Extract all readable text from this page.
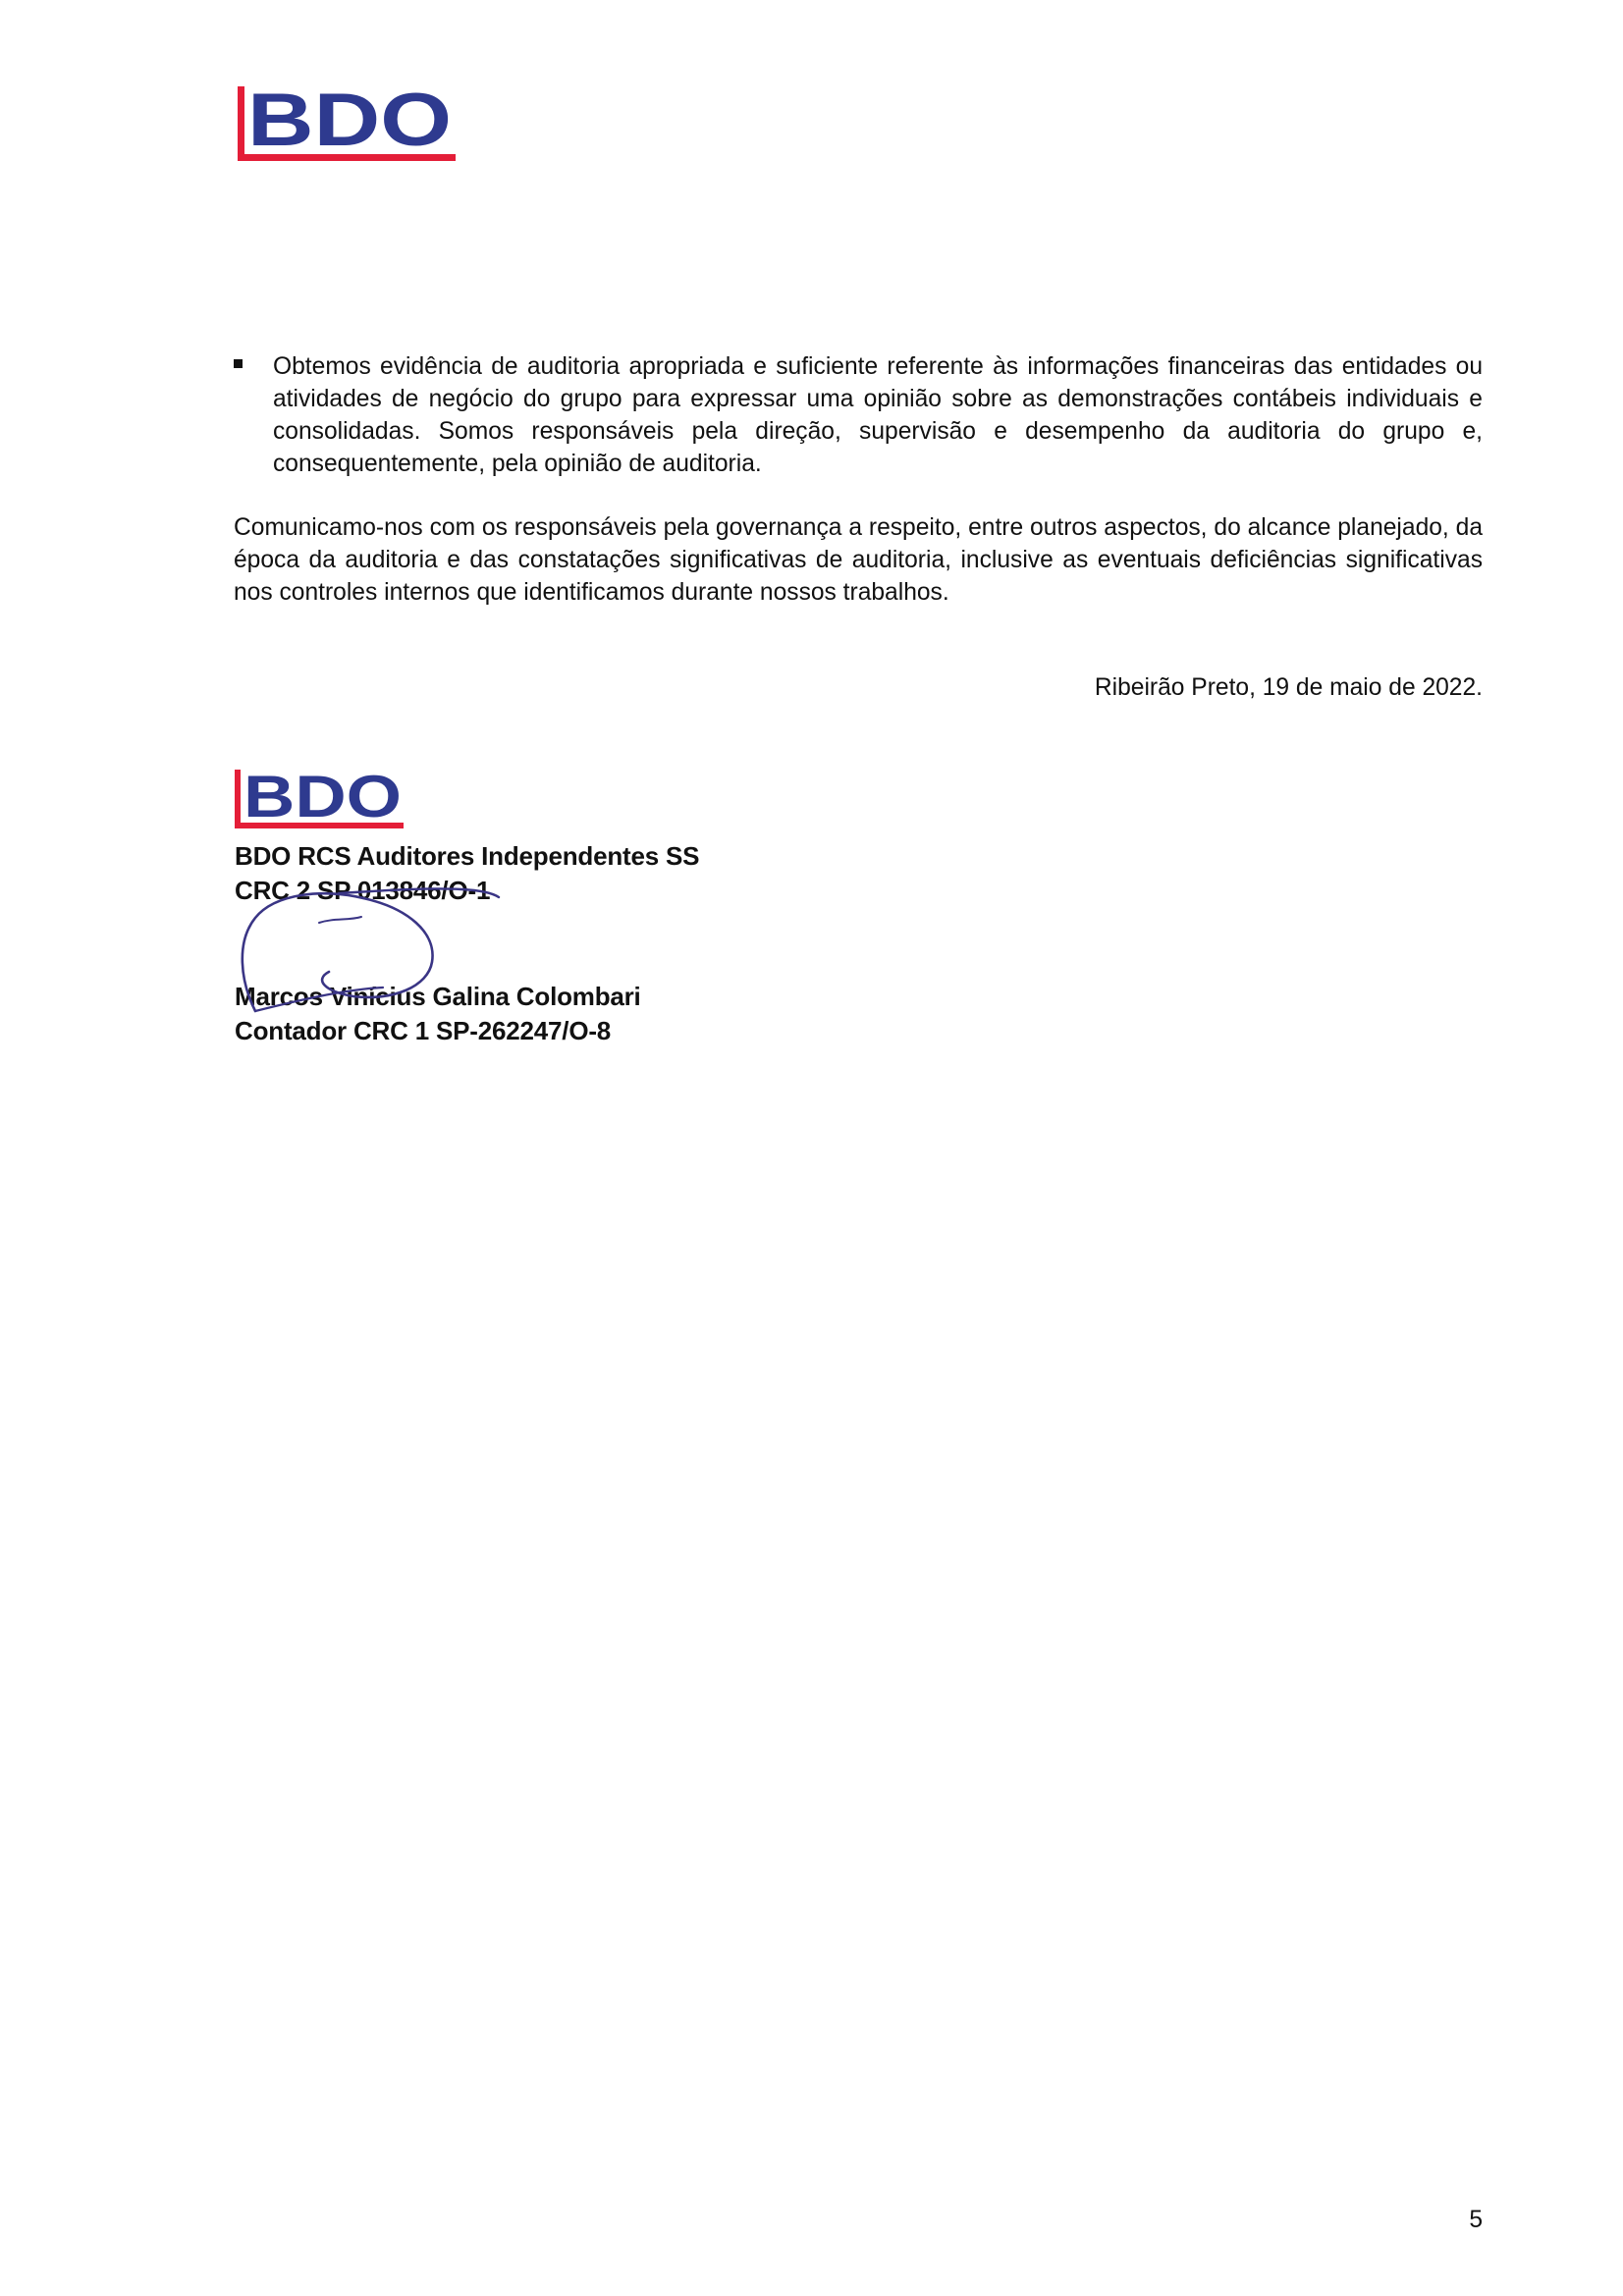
BDO
Obtemos evidência de auditoria apropriada e suficiente referente às informações financeiras das entidades ou atividades de negócio do grupo para expressar uma opinião sobre as demonstrações contábeis individuais e consolidadas. Somos responsáveis pela direção, supervisão e desempenho da auditoria do grupo e, consequentemente, pela opinião de auditoria.

Comunicamo-nos com os responsáveis pela governança a respeito, entre outros aspectos, do alcance planejado, da época da auditoria e das constatações significativas de auditoria, inclusive as eventuais deficiências significativas nos controles internos que identificamos durante nossos trabalhos.

Ribeirão Preto, 19 de maio de 2022.
BDO
BDO RCS Auditores Independentes SS
CRC 2 SP 013846/O-1
Marcos Vinícius Galina Colombari
Contador CRC 1 SP-262247/O-8
5
